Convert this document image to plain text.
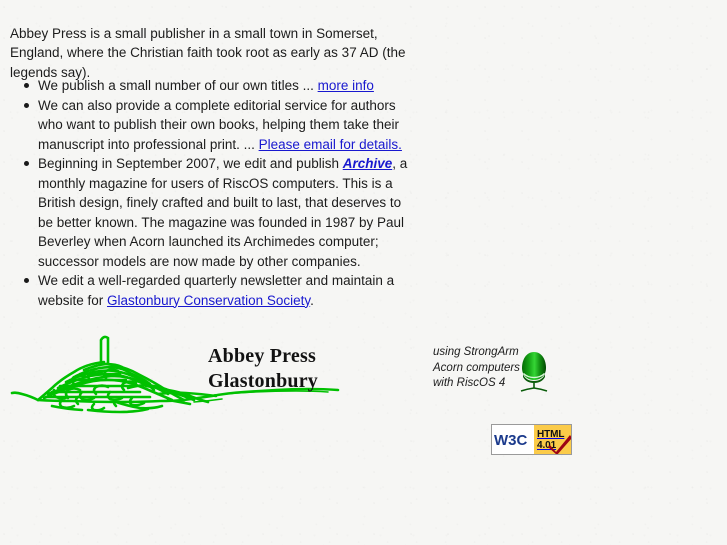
Abbey Press is a small publisher in a small town in Somerset, England, where the Christian faith took root as early as 37 AD (the legends say).

We publish a small number of our own titles ... more info
We can also provide a complete editorial service for authors who want to publish their own books, helping them take their manuscript into professional print. ... Please email for details.
Beginning in September 2007, we edit and publish Archive, a monthly magazine for users of RiscOS computers. This is a British design, finely crafted and built to last, that deserves to be better known. The magazine was founded in 1987 by Paul Beverley when Acorn launched its Archimedes computer; successor models are now made by other companies.
We edit a well-regarded quarterly newsletter and maintain a website for Glastonbury Conservation Society.
Abbey Press
Glastonbury
using StrongArm
Acorn computers
with RiscOS 4
W3C HTML
4.01
